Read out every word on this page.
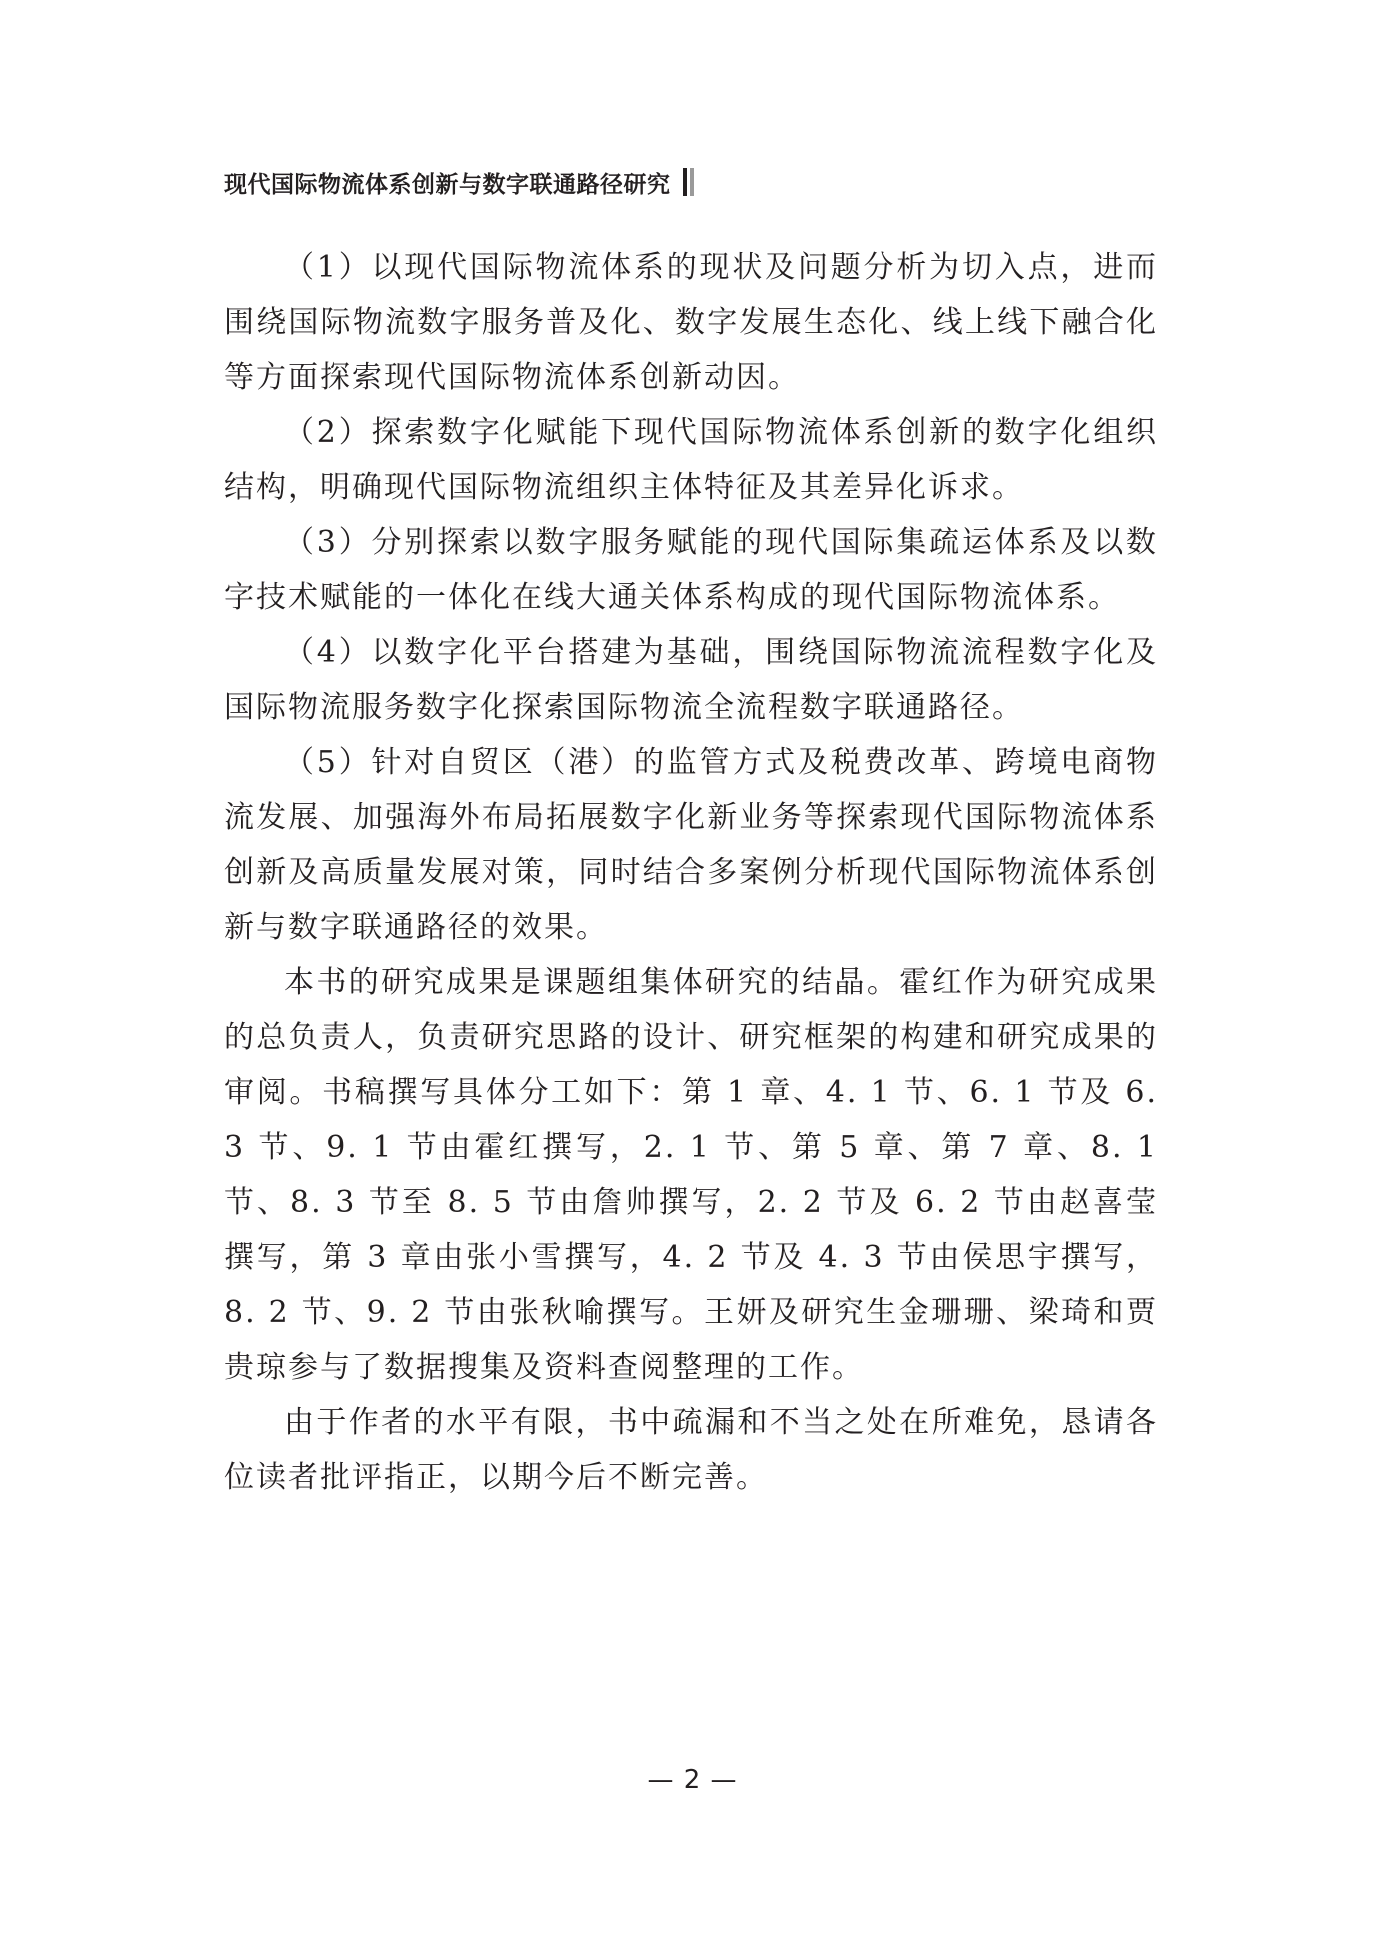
现代国际物流体系创新与数字联通路径研究

（1）以现代国际物流体系的现状及问题分析为切入点，进而围绕国际物流数字服务普及化、数字发展生态化、线上线下融合化等方面探索现代国际物流体系创新动因。

（2）探索数字化赋能下现代国际物流体系创新的数字化组织结构，明确现代国际物流组织主体特征及其差异化诉求。

（3）分别探索以数字服务赋能的现代国际集疏运体系及以数字技术赋能的一体化在线大通关体系构成的现代国际物流体系。

（4）以数字化平台搭建为基础，围绕国际物流流程数字化及国际物流服务数字化探索国际物流全流程数字联通路径。

（5）针对自贸区（港）的监管方式及税费改革、跨境电商物流发展、加强海外布局拓展数字化新业务等探索现代国际物流体系创新及高质量发展对策，同时结合多案例分析现代国际物流体系创新与数字联通路径的效果。

本书的研究成果是课题组集体研究的结晶。霍红作为研究成果的总负责人，负责研究思路的设计、研究框架的构建和研究成果的审阅。书稿撰写具体分工如下：第 1 章、4. 1 节、6. 1 节及 6. 3 节、9. 1 节由霍红撰写，2. 1 节、第 5 章、第 7 章、8. 1 节、8. 3 节至 8. 5 节由詹帅撰写，2. 2 节及 6. 2 节由赵喜莹撰写，第 3 章由张小雪撰写，4. 2 节及 4. 3 节由侯思宇撰写，8. 2 节、9. 2 节由张秋喻撰写。王妍及研究生金珊珊、梁琦和贾贵琼参与了数据搜集及资料查阅整理的工作。

由于作者的水平有限，书中疏漏和不当之处在所难免，恳请各位读者批评指正，以期今后不断完善。

— 2 —
